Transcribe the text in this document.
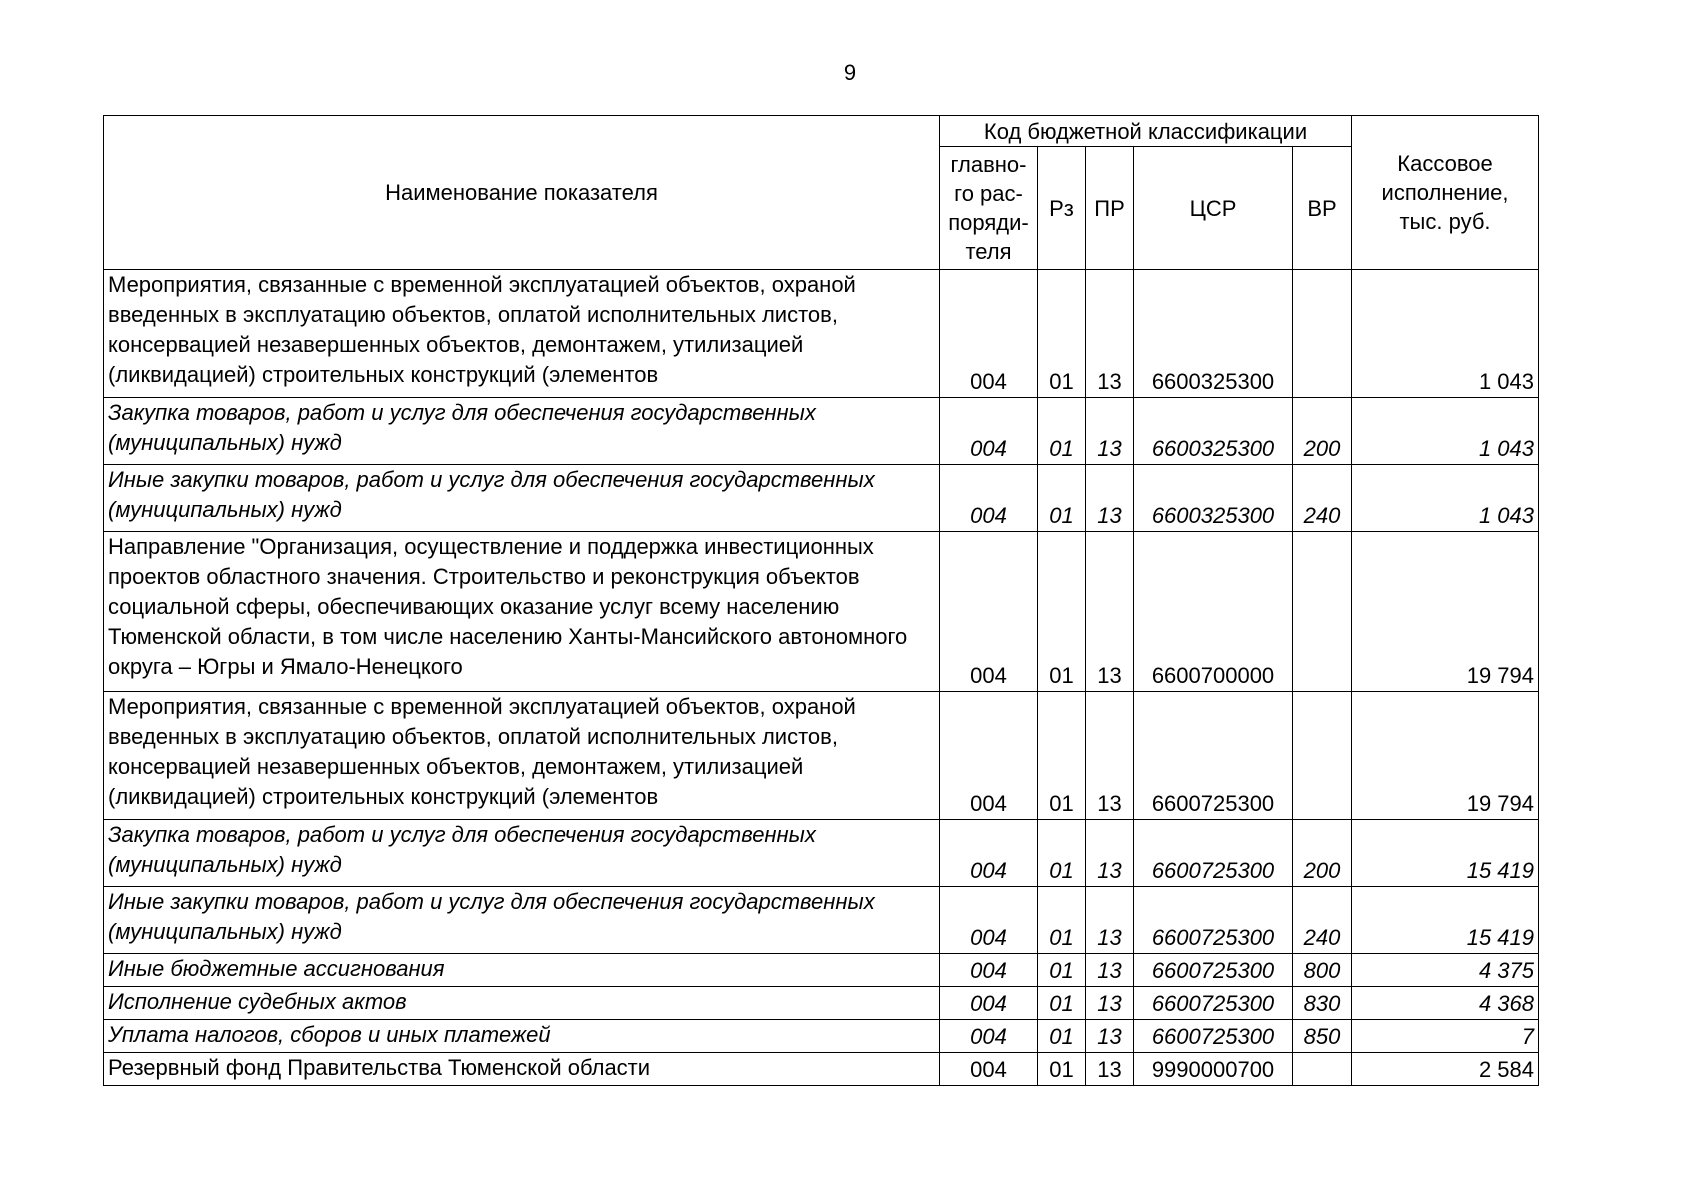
9
Наименование показателя	Код бюджетной классификации					Кассовое исполнение, тыс. руб.
	главно-го рас-поряди-теля	Рз	ПР	ЦСР	ВР	

Мероприятия, связанные с временной эксплуатацией объектов, охраной введенных в эксплуатацию объектов, оплатой исполнительных листов, консервацией незавершенных объектов, демонтажем, утилизацией (ликвидацией) строительных конструкций (элементов	004	01	13	6600325300		1 043
Закупка товаров, работ и услуг для обеспечения государственных (муниципальных) нужд	004	01	13	6600325300	200	1 043
Иные закупки товаров, работ и услуг для обеспечения государственных (муниципальных) нужд	004	01	13	6600325300	240	1 043

Направление "Организация, осуществление и поддержка инвестиционных проектов областного значения. Строительство и реконструкция объектов социальной сферы, обеспечивающих оказание услуг всему населению Тюменской области, в том числе населению Ханты-Мансийского автономного округа – Югры и Ямало-Ненецкого	004	01	13	6600700000		19 794

Мероприятия, связанные с временной эксплуатацией объектов, охраной введенных в эксплуатацию объектов, оплатой исполнительных листов, консервацией незавершенных объектов, демонтажем, утилизацией (ликвидацией) строительных конструкций (элементов	004	01	13	6600725300		19 794
Закупка товаров, работ и услуг для обеспечения государственных (муниципальных) нужд	004	01	13	6600725300	200	15 419
Иные закупки товаров, работ и услуг для обеспечения государственных (муниципальных) нужд	004	01	13	6600725300	240	15 419
Иные бюджетные ассигнования	004	01	13	6600725300	800	4 375
Исполнение судебных актов	004	01	13	6600725300	830	4 368
Уплата налогов, сборов и иных платежей	004	01	13	6600725300	850	7
Резервный фонд Правительства Тюменской области	004	01	13	9990000700		2 584
